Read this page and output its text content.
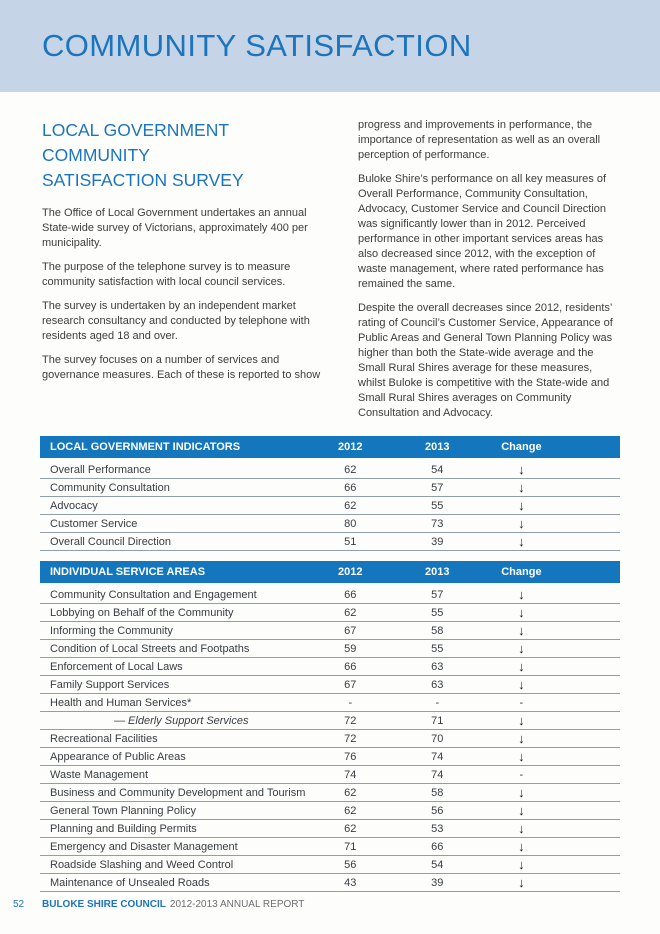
COMMUNITY SATISFACTION
LOCAL GOVERNMENT
COMMUNITY
SATISFACTION SURVEY

The Office of Local Government undertakes an annual State-wide survey of Victorians, approximately 400 per municipality.

The purpose of the telephone survey is to measure community satisfaction with local council services.

The survey is undertaken by an independent market research consultancy and conducted by telephone with residents aged 18 and over.

The survey focuses on a number of services and governance measures. Each of these is reported to show

progress and improvements in performance, the importance of representation as well as an overall perception of performance.

Buloke Shire’s performance on all key measures of Overall Performance, Community Consultation, Advocacy, Customer Service and Council Direction was significantly lower than in 2012. Perceived performance in other important services areas has also decreased since 2012, with the exception of waste management, where rated performance has remained the same.

Despite the overall decreases since 2012, residents’ rating of Council’s Customer Service, Appearance of Public Areas and General Town Planning Policy was higher than both the State-wide average and the Small Rural Shires average for these measures, whilst Buloke is competitive with the State-wide and Small Rural Shires averages on Community Consultation and Advocacy.

LOCAL GOVERNMENT INDICATORS	2012	2013	Change
Overall Performance	62	54	↓
Community Consultation	66	57	↓
Advocacy	62	55	↓
Customer Service	80	73	↓
Overall Council Direction	51	39	↓
INDIVIDUAL SERVICE AREAS	2012	2013	Change
Community Consultation and Engagement	66	57	↓
Lobbying on Behalf of the Community	62	55	↓
Informing the Community	67	58	↓
Condition of Local Streets and Footpaths	59	55	↓
Enforcement of Local Laws	66	63	↓
Family Support Services	67	63	↓
Health and Human Services*	-	-	-
— Elderly Support Services	72	71	↓
Recreational Facilities	72	70	↓
Appearance of Public Areas	76	74	↓
Waste Management	74	74	-
Business and Community Development and Tourism	62	58	↓
General Town Planning Policy	62	56	↓
Planning and Building Permits	62	53	↓
Emergency and Disaster Management	71	66	↓
Roadside Slashing and Weed Control	56	54	↓
Maintenance of Unsealed Roads	43	39	↓
52	BULOKE SHIRE COUNCIL 2012-2013 ANNUAL REPORT
